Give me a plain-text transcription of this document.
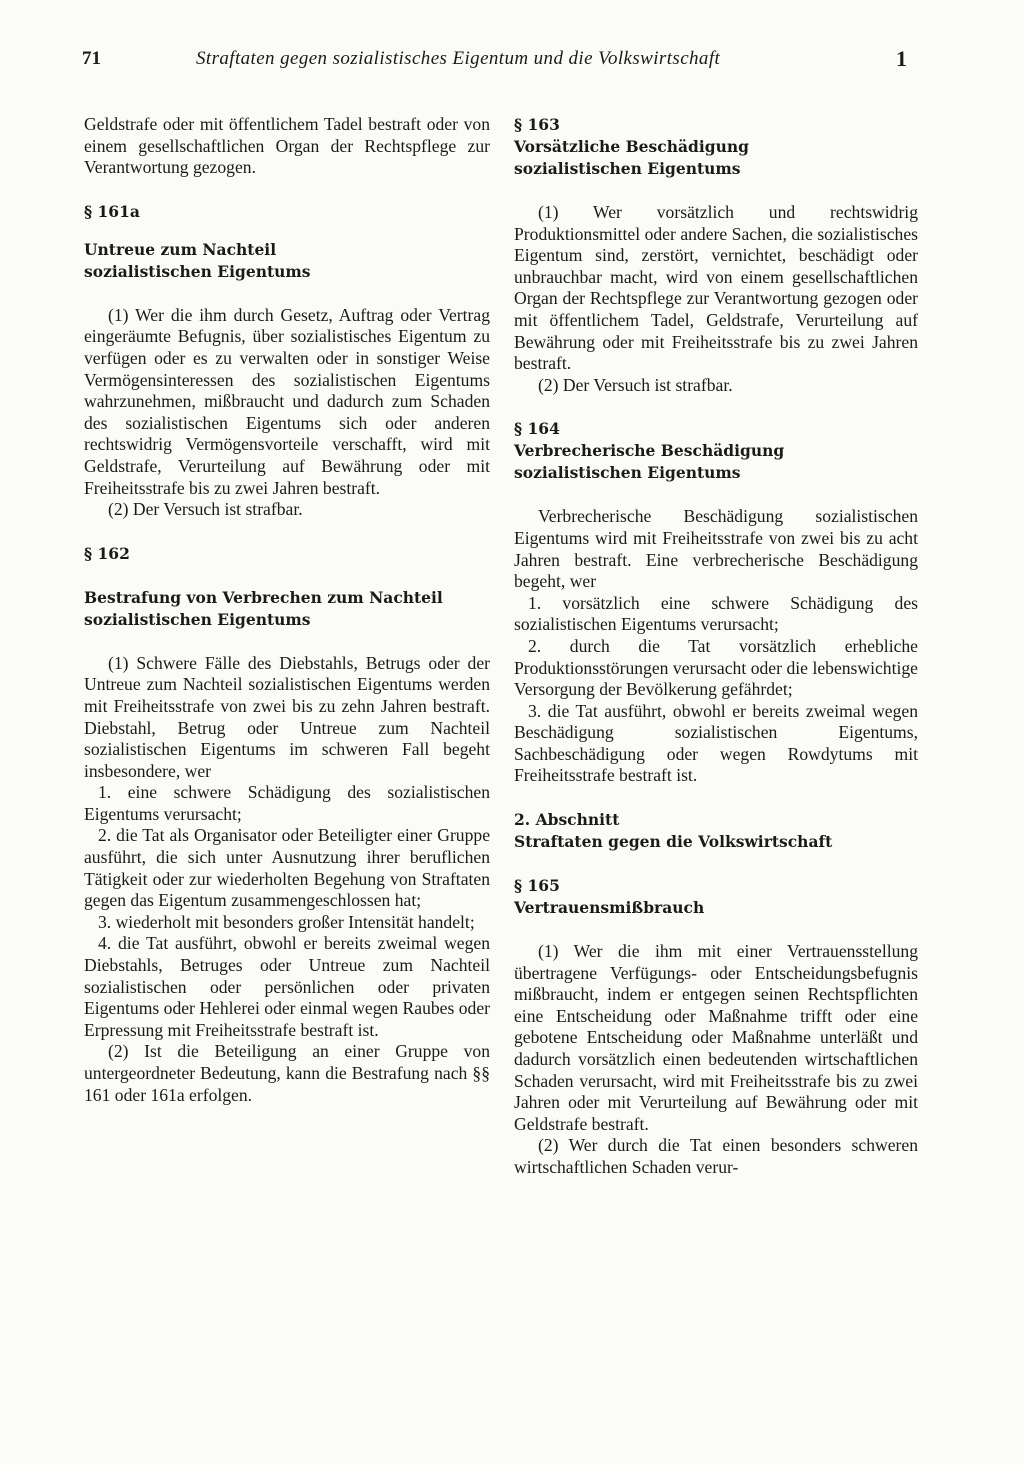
71	Straftaten gegen sozialistisches Eigentum und die Volkswirtschaft	1

Geldstrafe oder mit öffentlichem Tadel bestraft oder von einem gesellschaftlichen Organ der Rechtspflege zur Verantwortung gezogen.

§ 161a

Untreue zum Nachteil

sozialistischen Eigentums

(1) Wer die ihm durch Gesetz, Auftrag oder Vertrag eingeräumte Befugnis, über sozialistisches Eigentum zu verfügen oder es zu verwalten oder in sonstiger Weise Vermögensinteressen des sozialistischen Eigentums wahrzunehmen, mißbraucht und dadurch zum Schaden des sozialistischen Eigentums sich oder anderen rechtswidrig Vermögensvorteile verschafft, wird mit Geldstrafe, Verurteilung auf Bewährung oder mit Freiheitsstrafe bis zu zwei Jahren bestraft.

(2) Der Versuch ist strafbar.

§ 162

Bestrafung von Verbrechen zum Nachteil

sozialistischen Eigentums

(1) Schwere Fälle des Diebstahls, Betrugs oder der Untreue zum Nachteil sozialistischen Eigentums werden mit Freiheitsstrafe von zwei bis zu zehn Jahren bestraft. Diebstahl, Betrug oder Untreue zum Nachteil sozialistischen Eigentums im schweren Fall begeht insbesondere, wer

1. eine schwere Schädigung des sozialistischen Eigentums verursacht;

2. die Tat als Organisator oder Beteiligter einer Gruppe ausführt, die sich unter Ausnutzung ihrer beruflichen Tätigkeit oder zur wiederholten Begehung von Straftaten gegen das Eigentum zusammengeschlossen hat;

3. wiederholt mit besonders großer Intensität handelt;

4. die Tat ausführt, obwohl er bereits zweimal wegen Diebstahls, Betruges oder Untreue zum Nachteil sozialistischen oder persönlichen oder privaten Eigentums oder Hehlerei oder einmal wegen Raubes oder Erpressung mit Freiheitsstrafe bestraft ist.

(2) Ist die Beteiligung an einer Gruppe von untergeordneter Bedeutung, kann die Bestrafung nach §§ 161 oder 161a erfolgen.

§ 163

Vorsätzliche Beschädigung

sozialistischen Eigentums

(1) Wer vorsätzlich und rechtswidrig Produktionsmittel oder andere Sachen, die sozialistisches Eigentum sind, zerstört, vernichtet, beschädigt oder unbrauchbar macht, wird von einem gesellschaftlichen Organ der Rechtspflege zur Verantwortung gezogen oder mit öffentlichem Tadel, Geldstrafe, Verurteilung auf Bewährung oder mit Freiheitsstrafe bis zu zwei Jahren bestraft.

(2) Der Versuch ist strafbar.

§ 164

Verbrecherische Beschädigung

sozialistischen Eigentums

Verbrecherische Beschädigung sozialistischen Eigentums wird mit Freiheitsstrafe von zwei bis zu acht Jahren bestraft. Eine verbrecherische Beschädigung begeht, wer

1. vorsätzlich eine schwere Schädigung des sozialistischen Eigentums verursacht;

2. durch die Tat vorsätzlich erhebliche Produktionsstörungen verursacht oder die lebenswichtige Versorgung der Bevölkerung gefährdet;

3. die Tat ausführt, obwohl er bereits zweimal wegen Beschädigung sozialistischen Eigentums, Sachbeschädigung oder wegen Rowdytums mit Freiheitsstrafe bestraft ist.

2. Abschnitt

Straftaten gegen die Volkswirtschaft

§ 165

Vertrauensmißbrauch

(1) Wer die ihm mit einer Vertrauensstellung übertragene Verfügungs- oder Entscheidungsbefugnis mißbraucht, indem er entgegen seinen Rechtspflichten eine Entscheidung oder Maßnahme trifft oder eine gebotene Entscheidung oder Maßnahme unterläßt und dadurch vorsätzlich einen bedeutenden wirtschaftlichen Schaden verursacht, wird mit Freiheitsstrafe bis zu zwei Jahren oder mit Verurteilung auf Bewährung oder mit Geldstrafe bestraft.

(2) Wer durch die Tat einen besonders schweren wirtschaftlichen Schaden verur-
